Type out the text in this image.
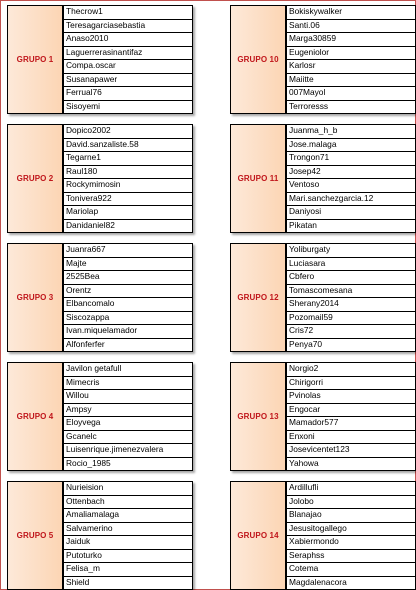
GRUPO 1
Thecrow1
Teresagarciasebastia
Anaso2010
Laguerrerasinantifaz
Compa.oscar
Susanapawer
Ferrual76
Sisoyemi
GRUPO 10
Bokiskywalker
Santi.06
Marga30859
Eugeniolor
Karlosr
Maiitte
007Mayol
Terroresss
GRUPO 2
Dopico2002
David.sanzaliste.58
Tegarne1
Raul180
Rockymimosin
Tonivera922
Mariolap
Danidaniel82
GRUPO 11
Juanma_h_b
Jose.malaga
Trongon71
Josep42
Ventoso
Mari.sanchezgarcia.12
Daniyosi
Pikatan
GRUPO 3
Juanra667
Majte
2525Bea
Orentz
Elbancomalo
Siscozappa
Ivan.miquelamador
Alfonferfer
GRUPO 12
Yoliburgaty
Luciasara
Cbfero
Tomascomesana
Sherany2014
Pozomail59
Cris72
Penya70
GRUPO 4
Javilon getafull
Mimecris
Willou
Ampsy
Eloyvega
Gcanelc
Luisenrique.jimenezvalera
Rocio_1985
GRUPO 13
Norgio2
Chirigorri
Pvinolas
Engocar
Mamador577
Enxoni
Josevicentet123
Yahowa
GRUPO 5
Nurieision
Ottenbach
Amaliamalaga
Salvamerino
Jaiduk
Putoturko
Felisa_m
Shield
GRUPO 14
Ardillufli
Jolobo
Blanajao
Jesusitogallego
Xabiermondo
Seraphss
Cotema
Magdalenacora
